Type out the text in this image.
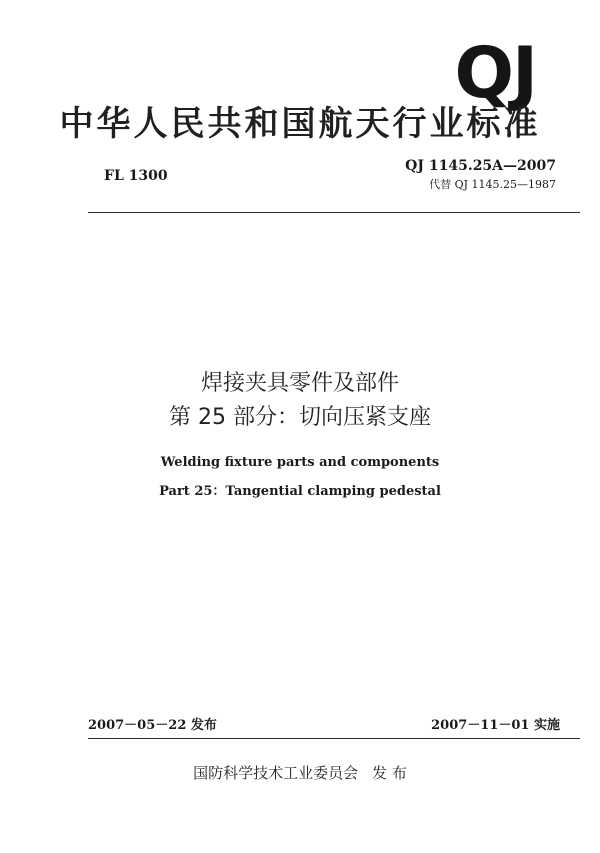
QJ
中华人民共和国航天行业标准
FL 1300
QJ 1145.25A—2007
代替 QJ 1145.25—1987
焊接夹具零件及部件
第 25 部分：切向压紧支座
Welding fixture parts and components
Part 25：Tangential clamping pedestal
2007－05－22 发布	2007－11－01 实施
国防科学技术工业委员会 发 布
